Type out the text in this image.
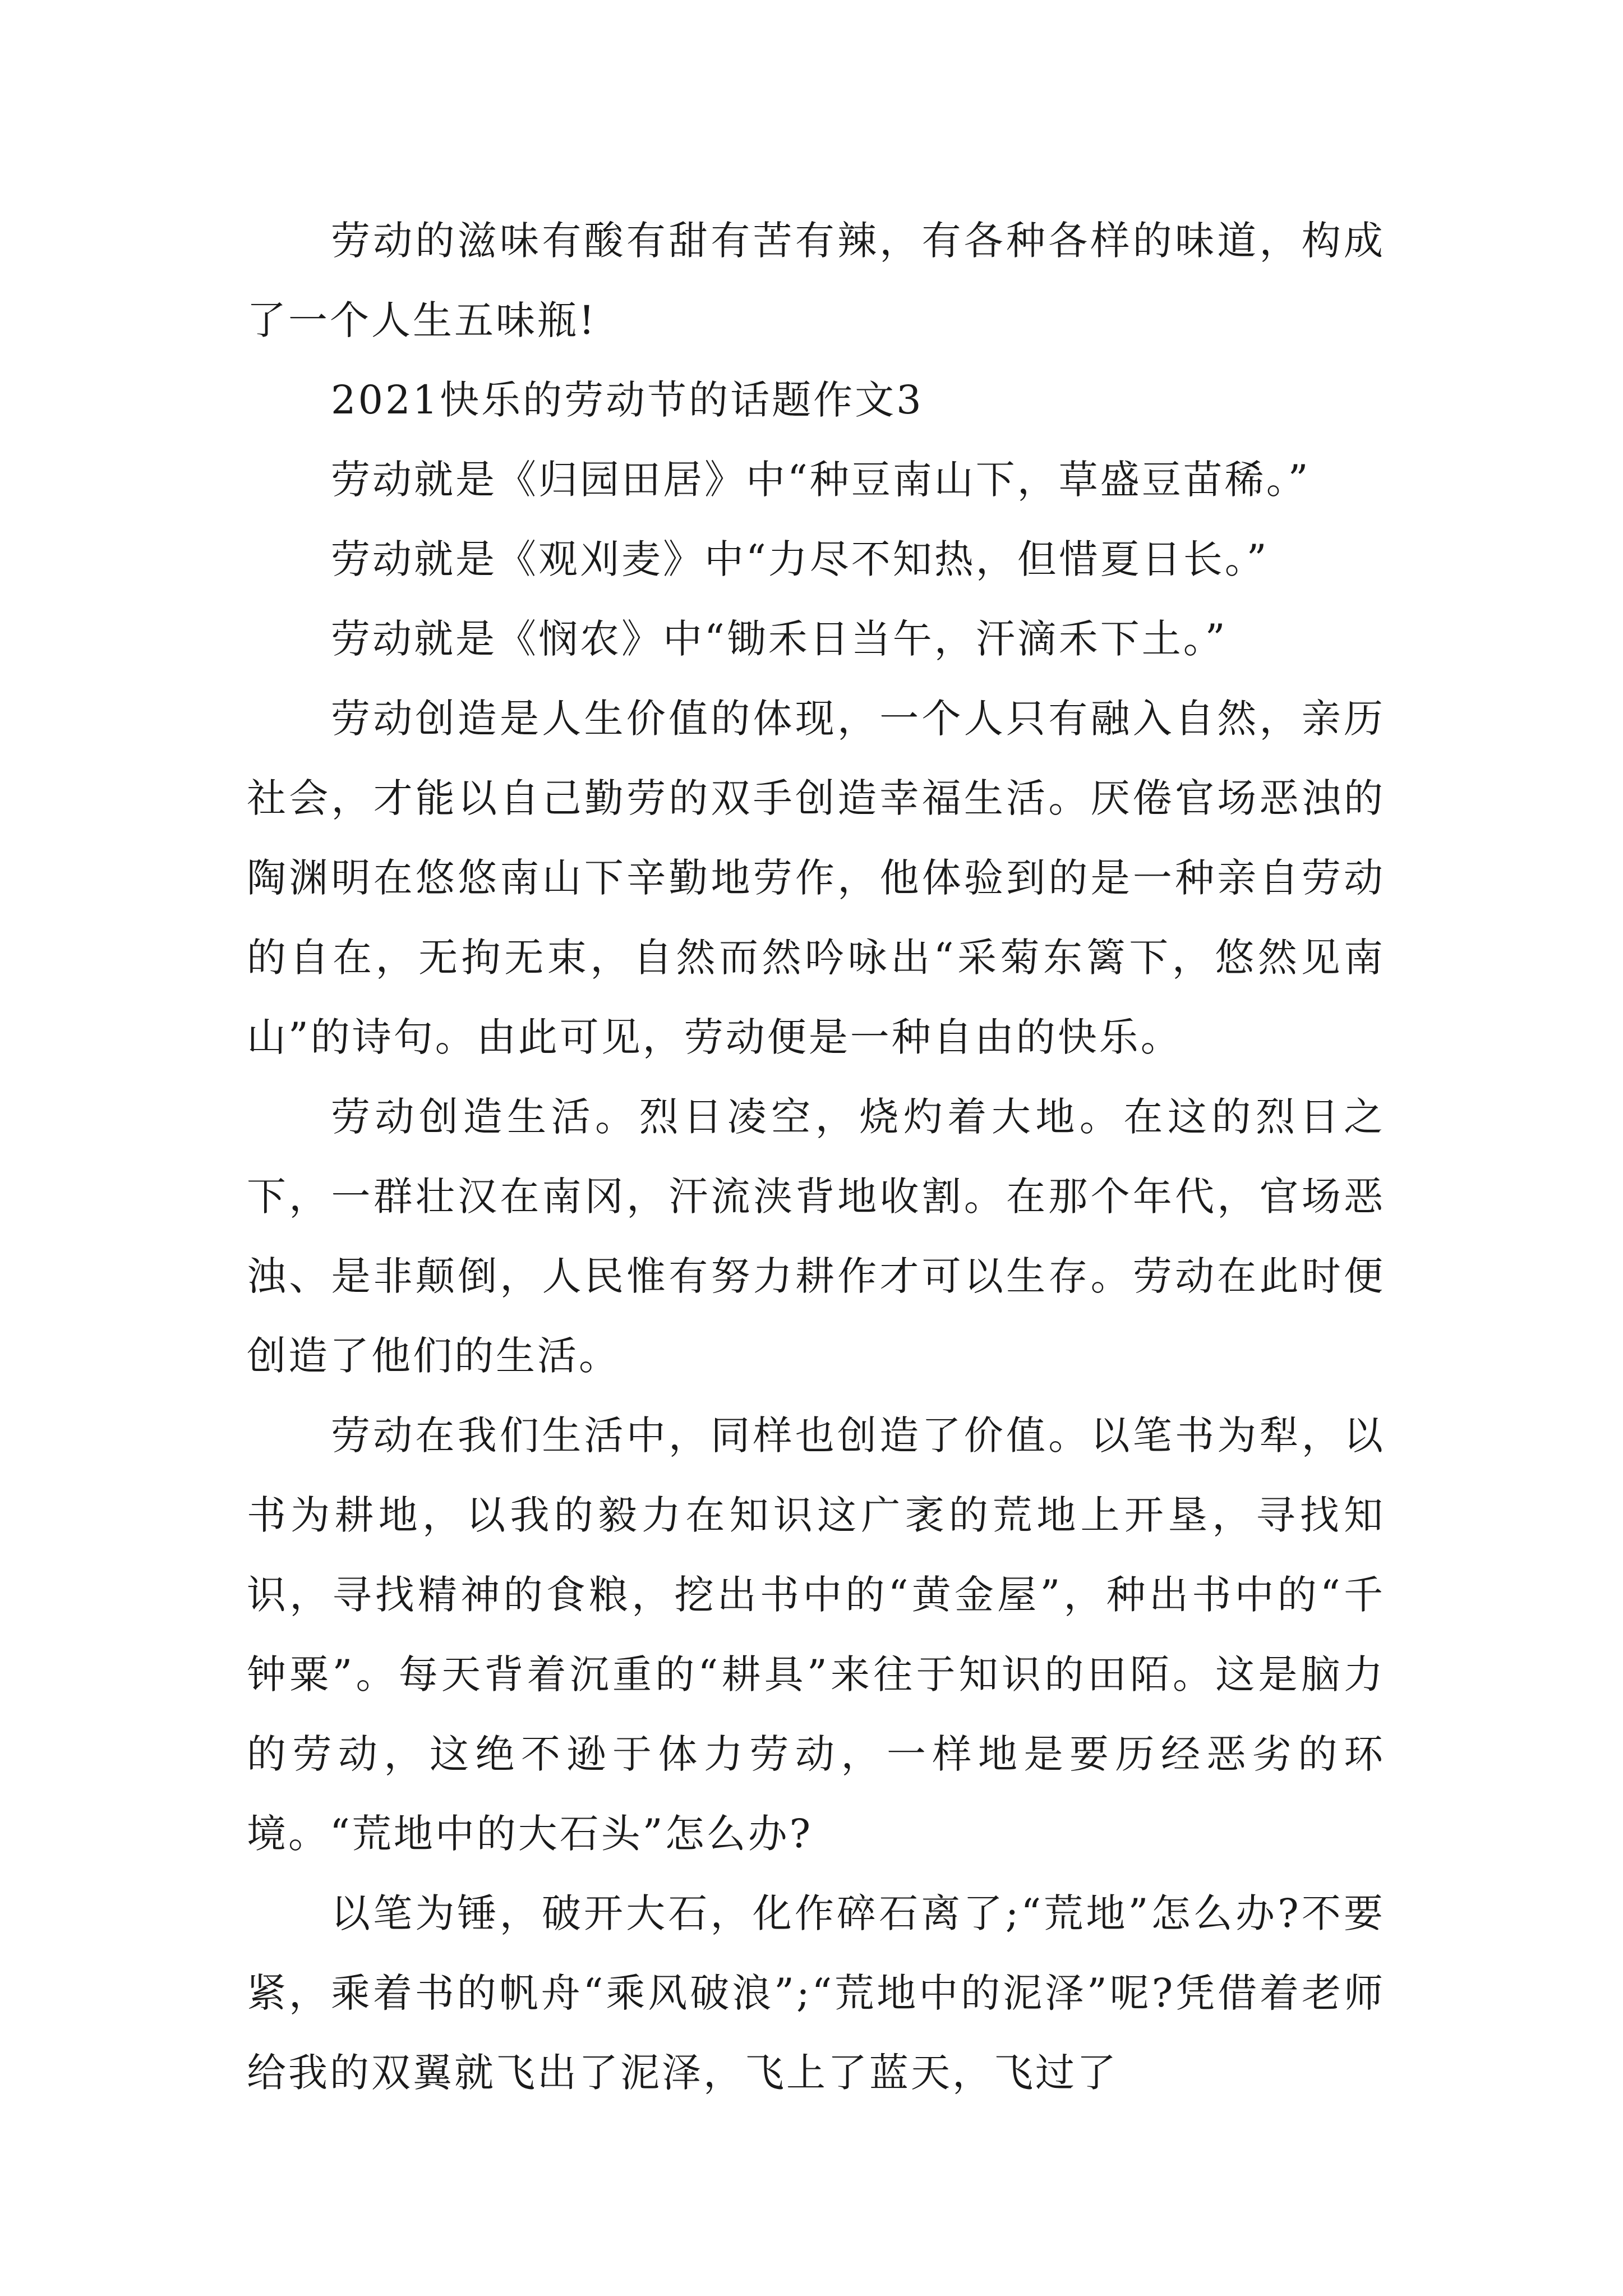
劳动的滋味有酸有甜有苦有辣，有各种各样的味道，构成了一个人生五味瓶!

2021快乐的劳动节的话题作文3

劳动就是《归园田居》中“种豆南山下，草盛豆苗稀。”

劳动就是《观刈麦》中“力尽不知热，但惜夏日长。”

劳动就是《悯农》中“锄禾日当午，汗滴禾下土。”

劳动创造是人生价值的体现，一个人只有融入自然，亲历社会，才能以自己勤劳的双手创造幸福生活。厌倦官场恶浊的陶渊明在悠悠南山下辛勤地劳作，他体验到的是一种亲自劳动的自在，无拘无束，自然而然吟咏出“采菊东篱下，悠然见南山”的诗句。由此可见，劳动便是一种自由的快乐。

劳动创造生活。烈日凌空，烧灼着大地。在这的烈日之下，一群壮汉在南冈，汗流浃背地收割。在那个年代，官场恶浊、是非颠倒，人民惟有努力耕作才可以生存。劳动在此时便创造了他们的生活。

劳动在我们生活中，同样也创造了价值。以笔书为犁，以书为耕地，以我的毅力在知识这广袤的荒地上开垦，寻找知识，寻找精神的食粮，挖出书中的“黄金屋”，种出书中的“千钟粟”。每天背着沉重的“耕具”来往于知识的田陌。这是脑力的劳动，这绝不逊于体力劳动，一样地是要历经恶劣的环境。“荒地中的大石头”怎么办?

以笔为锤，破开大石，化作碎石离了;“荒地”怎么办?不要紧，乘着书的帆舟“乘风破浪”;“荒地中的泥泽”呢?凭借着老师给我的双翼就飞出了泥泽，飞上了蓝天，飞过了
